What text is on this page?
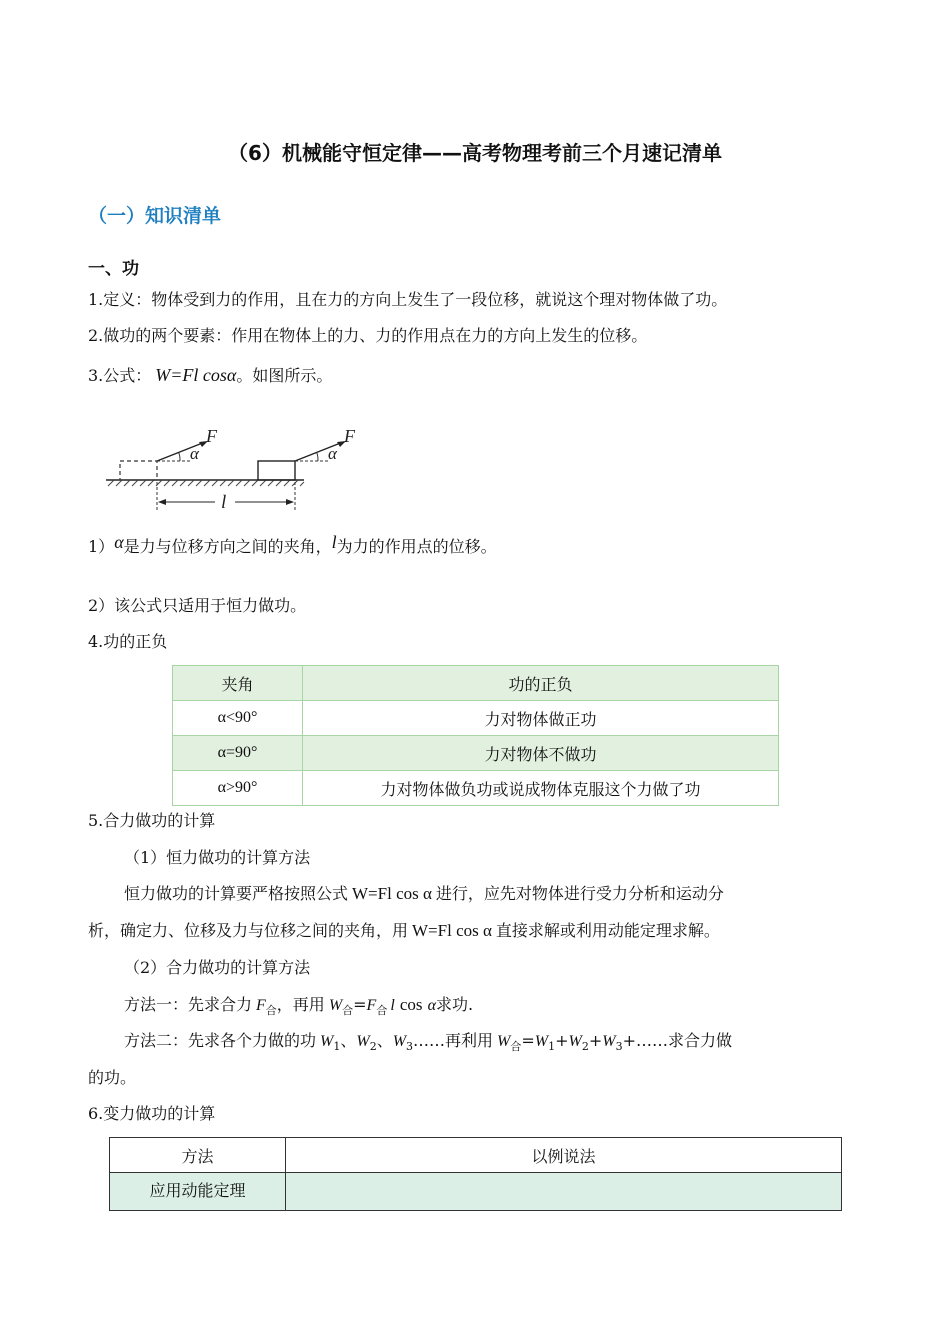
（6）机械能守恒定律——高考物理考前三个月速记清单
（一）知识清单
一、功
1.定义：物体受到力的作用，且在力的方向上发生了一段位移，就说这个理对物体做了功。
2.做功的两个要素：作用在物体上的力、力的作用点在力的方向上发生的位移。
3.公式： W=Fl cosα。如图所示。
F
α
F
α
l
1）α是力与位移方向之间的夹角，l为力的作用点的位移。
2）该公式只适用于恒力做功。
4.功的正负
夹角	功的正负
α<90°	力对物体做正功
α=90°	力对物体不做功
α>90°	力对物体做负功或说成物体克服这个力做了功
5.合力做功的计算
（1）恒力做功的计算方法
恒力做功的计算要严格按照公式 W=Fl cos α 进行，应先对物体进行受力分析和运动分
析，确定力、位移及力与位移之间的夹角，用 W=Fl cos α 直接求解或利用动能定理求解。
（2）合力做功的计算方法
方法一：先求合力 $F_合$，再用 $W_合=F_合$ l cos α求功.
方法二：先求各个力做的功 $W_1$、$W_2$、$W_3\dots\dots$再利用 $W_合=W_1+W_2+W_3+\dots\dots$求合力做
的功。
6.变力做功的计算
方法	以例说法
应用动能定理	
